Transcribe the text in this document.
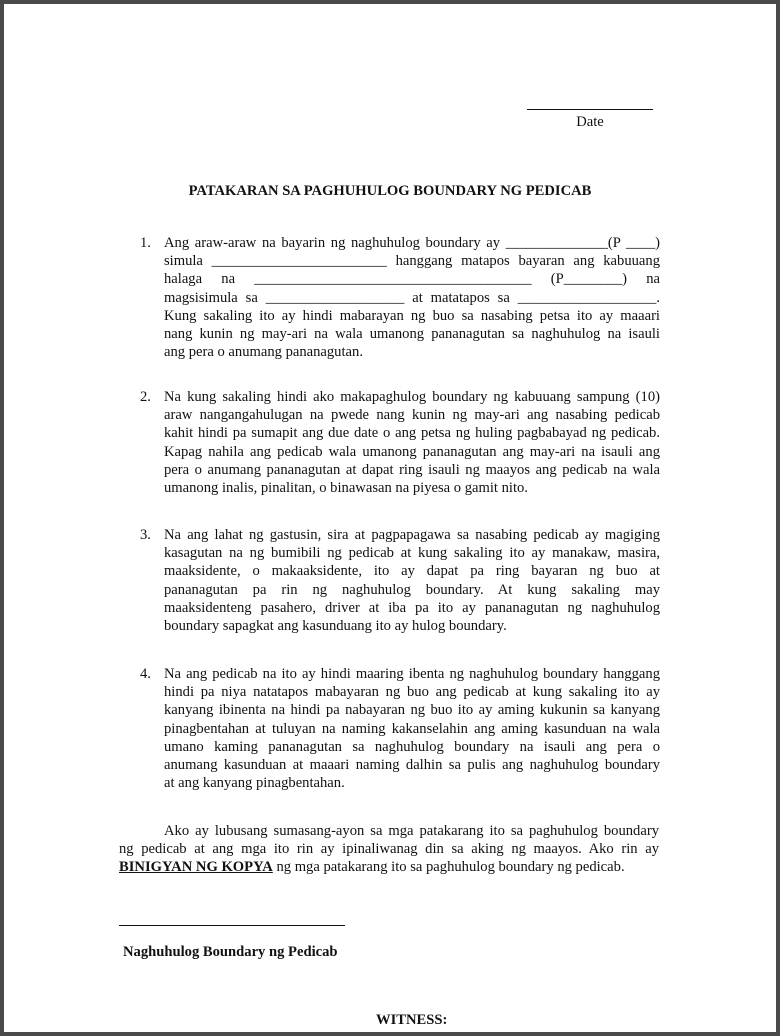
Date
PATAKARAN SA PAGHUHULOG BOUNDARY NG PEDICAB
1. Ang araw-araw na bayarin ng naghuhulog boundary ay ______________(P ____)
simula ________________________ hanggang matapos bayaran ang kabuuang
halaga na ______________________________________ (P________) na
magsisimula sa ___________________ at matatapos sa ___________________.
Kung sakaling ito ay hindi mabarayan ng buo sa nasabing petsa ito ay maaari
nang kunin ng may-ari na wala umanong pananagutan sa naghuhulog na isauli
ang pera o anumang pananagutan.
2. Na kung sakaling hindi ako makapaghulog boundary ng kabuuang sampung (10)
araw nangangahulugan na pwede nang kunin ng may-ari ang nasabing pedicab
kahit hindi pa sumapit ang due date o ang petsa ng huling pagbabayad ng pedicab.
Kapag nahila ang pedicab wala umanong pananagutan ang may-ari na isauli ang
pera o anumang pananagutan at dapat ring isauli ng maayos ang pedicab na wala
umanong inalis, pinalitan, o binawasan na piyesa o gamit nito.
3. Na ang lahat ng gastusin, sira at pagpapagawa sa nasabing pedicab ay magiging
kasagutan na ng bumibili ng pedicab at kung sakaling ito ay manakaw, masira,
maaksidente, o makaaksidente, ito ay dapat pa ring bayaran ng buo at
pananagutan pa rin ng naghuhulog boundary. At kung sakaling may
maaksidenteng pasahero, driver at iba pa ito ay pananagutan ng naghuhulog
boundary sapagkat ang kasunduang ito ay hulog boundary.
4. Na ang pedicab na ito ay hindi maaring ibenta ng naghuhulog boundary hanggang
hindi pa niya natatapos mabayaran ng buo ang pedicab at kung sakaling ito ay
kanyang ibinenta na hindi pa nabayaran ng buo ito ay aming kukunin sa kanyang
pinagbentahan at tuluyan na naming kakanselahin ang aming kasunduan na wala
umano kaming pananagutan sa naghuhulog boundary na isauli ang pera o
anumang kasunduan at maaari naming dalhin sa pulis ang naghuhulog boundary
at ang kanyang pinagbentahan.
Ako ay lubusang sumasang-ayon sa mga patakarang ito sa paghuhulog boundary
ng pedicab at ang mga ito rin ay ipinaliwanag din sa aking ng maayos. Ako rin ay
BINIGYAN NG KOPYA ng mga patakarang ito sa paghuhulog boundary ng pedicab.
Naghuhulog Boundary ng Pedicab
WITNESS:
